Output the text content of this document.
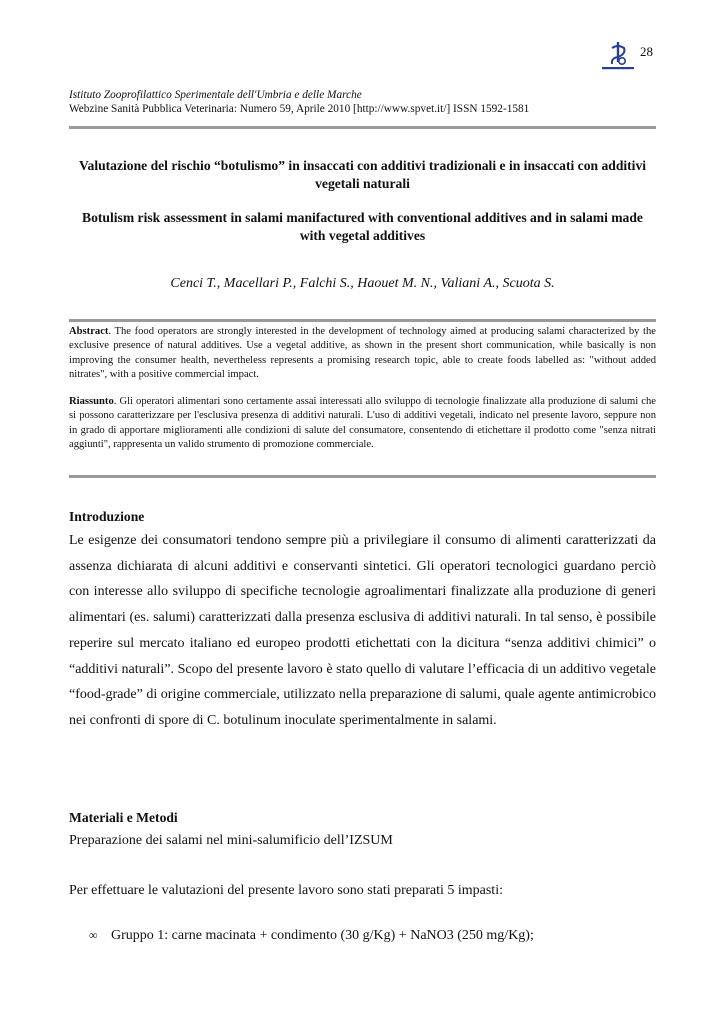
28
Istituto Zooprofilattico Sperimentale dell'Umbria e delle Marche
Webzine Sanità Pubblica Veterinaria: Numero 59, Aprile 2010 [http://www.spvet.it/] ISSN 1592-1581
Valutazione del rischio “botulismo” in insaccati con additivi tradizionali e in insaccati con additivi vegetali naturali
Botulism risk assessment in salami manifactured with conventional additives and in salami made with vegetal additives
Cenci T., Macellari P., Falchi S., Haouet M. N., Valiani A., Scuota S.
Abstract. The food operators are strongly interested in the development of technology aimed at producing salami characterized by the exclusive presence of natural additives. Use a vegetal additive, as shown in the present short communication, while basically is non improving the consumer health, nevertheless represents a promising research topic, able to create foods labelled as: "without added nitrates", with a positive commercial impact.
Riassunto. Gli operatori alimentari sono certamente assai interessati allo sviluppo di tecnologie finalizzate alla produzione di salumi che si possono caratterizzare per l'esclusiva presenza di additivi naturali. L'uso di additivi vegetali, indicato nel presente lavoro, seppure non in grado di apportare miglioramenti alle condizioni di salute del consumatore, consentendo di etichettare il prodotto come "senza nitrati aggiunti", rappresenta un valido strumento di promozione commerciale.
Introduzione
Le esigenze dei consumatori tendono sempre più a privilegiare il consumo di alimenti caratterizzati da assenza dichiarata di alcuni additivi e conservanti sintetici. Gli operatori tecnologici guardano perciò con interesse allo sviluppo di specifiche tecnologie agroalimentari finalizzate alla produzione di generi alimentari (es. salumi) caratterizzati dalla presenza esclusiva di additivi naturali. In tal senso, è possibile reperire sul mercato italiano ed europeo prodotti etichettati con la dicitura “senza additivi chimici” o “additivi naturali”. Scopo del presente lavoro è stato quello di valutare l’efficacia di un additivo vegetale “food-grade” di origine commerciale, utilizzato nella preparazione di salumi, quale agente antimicrobico nei confronti di spore di C. botulinum inoculate sperimentalmente in salami.
Materiali e Metodi
Preparazione dei salami nel mini-salumificio dell’IZSUM
Per effettuare le valutazioni del presente lavoro sono stati preparati 5 impasti:
∞ Gruppo 1: carne macinata + condimento (30 g/Kg) + NaNO3 (250 mg/Kg);
